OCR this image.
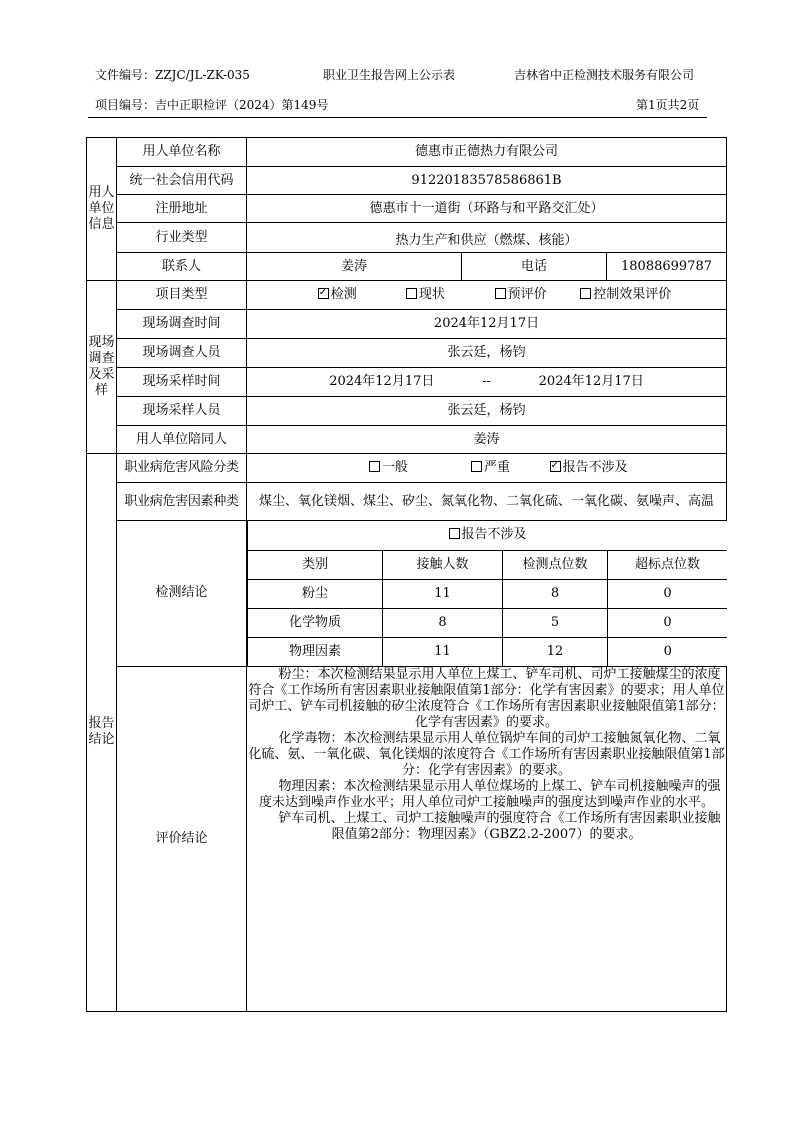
文件编号：ZZJC/JL-ZK-035	职业卫生报告网上公示表	吉林省中正检测技术服务有限公司
项目编号：吉中正职检评（2024）第149号	第1页共2页
用人单位信息	用人单位名称	德惠市正德热力有限公司
统一社会信用代码	91220183578586861B
注册地址	德惠市十一道街（环路与和平路交汇处）
行业类型	热力生产和供应（燃煤、核能）
联系人	姜涛	电话	18088699787
现场调查及采样	项目类型	✓检测	现状	预评价	控制效果评价
现场调查时间	2024年12月17日
现场调查人员	张云廷，杨钧
现场采样时间	2024年12月17日	--	2024年12月17日
现场采样人员	张云廷，杨钧
用人单位陪同人	姜涛
报告结论	职业病危害风险分类	一般	严重 ✓	报告不涉及
职业病危害因素种类	煤尘、氧化镁烟、煤尘、矽尘、氮氧化物、二氧化硫、一氧化碳、氨噪声、高温
检测结论	
报告不涉及
类别	接触人数	检测点位数	超标点位数
粉尘	11	8	0
化学物质	8	5	0
物理因素	11	12	0

评价结论	

粉尘：本次检测结果显示用人单位上煤工、铲车司机、司炉工接触煤尘的浓度符合《工作场所有害因素职业接触限值第1部分：化学有害因素》的要求；用人单位司炉工、铲车司机接触的矽尘浓度符合《工作场所有害因素职业接触限值第1部分：化学有害因素》的要求。

化学毒物：本次检测结果显示用人单位锅炉车间的司炉工接触氮氧化物、二氧化硫、氨、一氧化碳、氧化镁烟的浓度符合《工作场所有害因素职业接触限值第1部分：化学有害因素》的要求。

物理因素：本次检测结果显示用人单位煤场的上煤工、铲车司机接触噪声的强度未达到噪声作业水平；用人单位司炉工接触噪声的强度达到噪声作业的水平。

铲车司机、上煤工、司炉工接触噪声的强度符合《工作场所有害因素职业接触限值第2部分：物理因素》（GBZ2.2-2007）的要求。
